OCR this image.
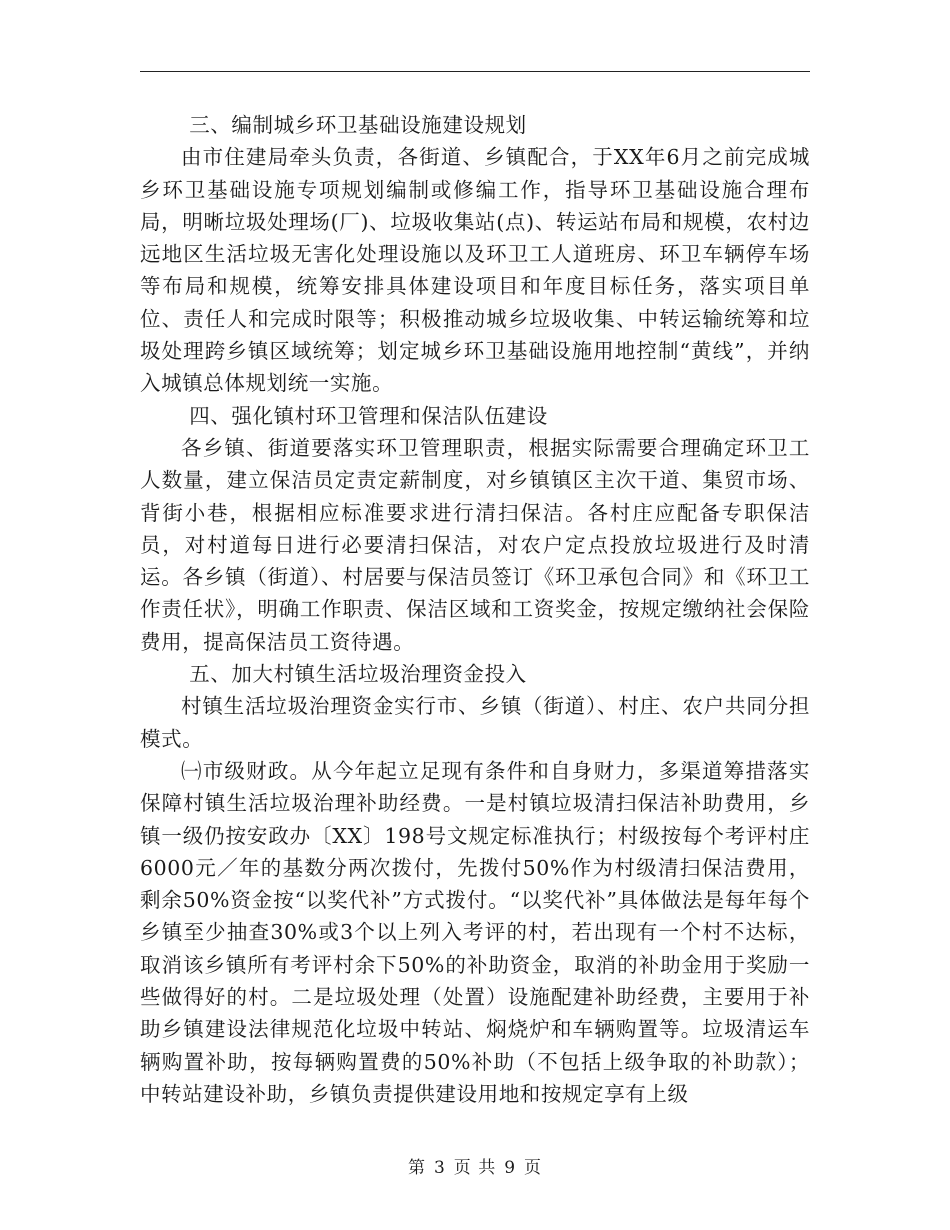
三、编制城乡环卫基础设施建设规划

由市住建局牵头负责，各街道、乡镇配合，于XX年6月之前完成城乡环卫基础设施专项规划编制或修编工作，指导环卫基础设施合理布局，明晰垃圾处理场(厂)、垃圾收集站(点)、转运站布局和规模，农村边远地区生活垃圾无害化处理设施以及环卫工人道班房、环卫车辆停车场等布局和规模，统筹安排具体建设项目和年度目标任务，落实项目单位、责任人和完成时限等；积极推动城乡垃圾收集、中转运输统筹和垃圾处理跨乡镇区域统筹；划定城乡环卫基础设施用地控制“黄线”，并纳入城镇总体规划统一实施。

四、强化镇村环卫管理和保洁队伍建设

各乡镇、街道要落实环卫管理职责，根据实际需要合理确定环卫工人数量，建立保洁员定责定薪制度，对乡镇镇区主次干道、集贸市场、背街小巷，根据相应标准要求进行清扫保洁。各村庄应配备专职保洁员，对村道每日进行必要清扫保洁，对农户定点投放垃圾进行及时清运。各乡镇（街道）、村居要与保洁员签订《环卫承包合同》和《环卫工作责任状》，明确工作职责、保洁区域和工资奖金，按规定缴纳社会保险费用，提高保洁员工资待遇。

五、加大村镇生活垃圾治理资金投入

村镇生活垃圾治理资金实行市、乡镇（街道）、村庄、农户共同分担模式。

㈠市级财政。从今年起立足现有条件和自身财力，多渠道筹措落实保障村镇生活垃圾治理补助经费。一是村镇垃圾清扫保洁补助费用，乡镇一级仍按安政办〔XX〕198号文规定标准执行；村级按每个考评村庄6000元／年的基数分两次拨付，先拨付50%作为村级清扫保洁费用，剩余50%资金按“以奖代补”方式拨付。“以奖代补”具体做法是每年每个乡镇至少抽查30%或3个以上列入考评的村，若出现有一个村不达标，取消该乡镇所有考评村余下50%的补助资金，取消的补助金用于奖励一些做得好的村。二是垃圾处理（处置）设施配建补助经费，主要用于补助乡镇建设法律规范化垃圾中转站、焖烧炉和车辆购置等。垃圾清运车辆购置补助，按每辆购置费的50%补助（不包括上级争取的补助款）；中转站建设补助，乡镇负责提供建设用地和按规定享有上级

第 3 页 共 9 页
